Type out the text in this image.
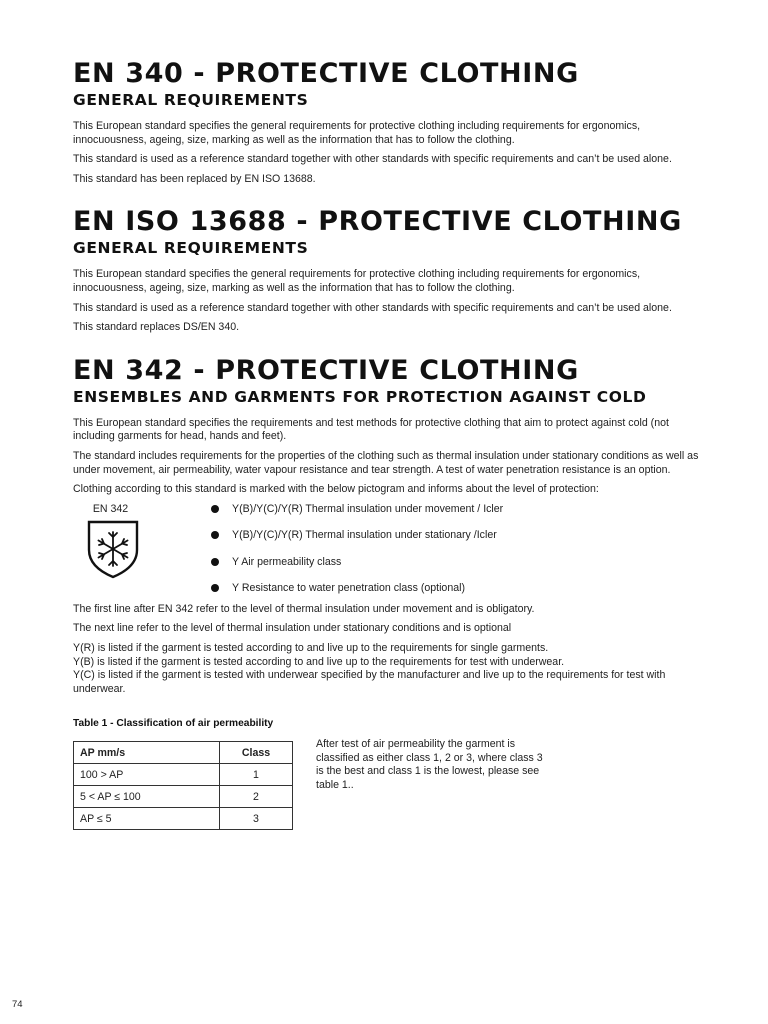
EN 340 - PROTECTIVE CLOTHING
GENERAL REQUIREMENTS

This European standard specifies the general requirements for protective clothing including requirements for ergonomics, innocuousness, ageing, size, marking as well as the information that has to follow the clothing.

This standard is used as a reference standard together with other standards with specific requirements and can’t be used alone.

This standard has been replaced by EN ISO 13688.

EN ISO 13688 - PROTECTIVE CLOTHING
GENERAL REQUIREMENTS

This European standard specifies the general requirements for protective clothing including requirements for ergonomics, innocuousness, ageing, size, marking as well as the information that has to follow the clothing.

This standard is used as a reference standard together with other standards with specific requirements and can’t be used alone.

This standard replaces DS/EN 340.

EN 342 - PROTECTIVE CLOTHING
ENSEMBLES AND GARMENTS FOR PROTECTION AGAINST COLD

This European standard specifies the requirements and test methods for protective clothing that aim to protect against cold (not including garments for head, hands and feet).

The standard includes requirements for the properties of the clothing such as thermal insulation under stationary conditions as well as under movement, air permeability, water vapour resistance and tear strength. A test of water penetration resistance is an option.

Clothing according to this standard is marked with the below pictogram and informs about the level of protection:

EN 342	Y(B)/Y(C)/Y(R) Thermal insulation under movement / Icler
Y(B)/Y(C)/Y(R) Thermal insulation under stationary /Icler
Y Air permeability class
Y Resistance to water penetration class (optional)

The first line after EN 342 refer to the level of thermal insulation under movement and is obligatory.

The next line refer to the level of thermal insulation under stationary conditions and is optional

Y(R) is listed if the garment is tested according to and live up to the requirements for single garments.

Y(B) is listed if the garment is tested according to and live up to the requirements for test with underwear.

Y(C) is listed if the garment is tested with underwear specified by the manufacturer and live up to the requirements for test with underwear.

Table 1 - Classification of air permeability
AP mm/s	Class
100 > AP	1
5 < AP ≤ 100	2
AP ≤ 5	3

After test of air permeability the garment is classified as either class 1, 2 or 3, where class 3 is the best and class 1 is the lowest, please see table 1..

74
